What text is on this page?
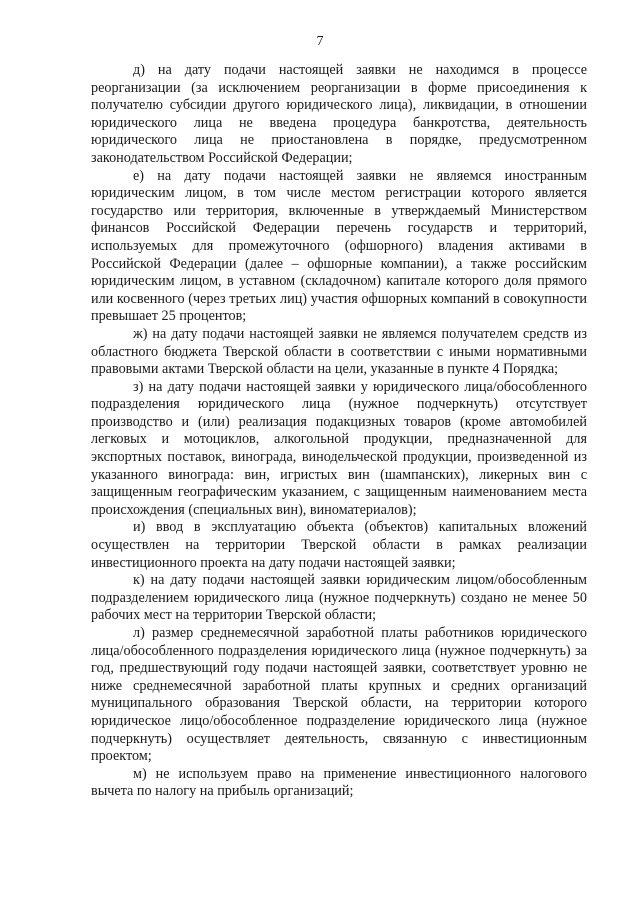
7

д) на дату подачи настоящей заявки не находимся в процессе реорганизации (за исключением реорганизации в форме присоединения к получателю субсидии другого юридического лица), ликвидации, в отношении юридического лица не введена процедура банкротства, деятельность юридического лица не приостановлена в порядке, предусмотренном законодательством Российской Федерации;

е) на дату подачи настоящей заявки не являемся иностранным юридическим лицом, в том числе местом регистрации которого является государство или территория, включенные в утверждаемый Министерством финансов Российской Федерации перечень государств и территорий, используемых для промежуточного (офшорного) владения активами в Российской Федерации (далее – офшорные компании), а также российским юридическим лицом, в уставном (складочном) капитале которого доля прямого или косвенного (через третьих лиц) участия офшорных компаний в совокупности превышает 25 процентов;

ж) на дату подачи настоящей заявки не являемся получателем средств из областного бюджета Тверской области в соответствии с иными нормативными правовыми актами Тверской области на цели, указанные в пункте 4 Порядка;

з) на дату подачи настоящей заявки у юридического лица/обособленного подразделения юридического лица (нужное подчеркнуть) отсутствует производство и (или) реализация подакцизных товаров (кроме автомобилей легковых и мотоциклов, алкогольной продукции, предназначенной для экспортных поставок, винограда, винодельческой продукции, произведенной из указанного винограда: вин, игристых вин (шампанских), ликерных вин с защищенным географическим указанием, с защищенным наименованием места происхождения (специальных вин), виноматериалов);

и) ввод в эксплуатацию объекта (объектов) капитальных вложений осуществлен на территории Тверской области в рамках реализации инвестиционного проекта на дату подачи настоящей заявки;

к) на дату подачи настоящей заявки юридическим лицом/обособленным подразделением юридического лица (нужное подчеркнуть) создано не менее 50 рабочих мест на территории Тверской области;

л) размер среднемесячной заработной платы работников юридического лица/обособленного подразделения юридического лица (нужное подчеркнуть) за год, предшествующий году подачи настоящей заявки, соответствует уровню не ниже среднемесячной заработной платы крупных и средних организаций муниципального образования Тверской области, на территории которого юридическое лицо/обособленное подразделение юридического лица (нужное подчеркнуть) осуществляет деятельность, связанную с инвестиционным проектом;

м) не используем право на применение инвестиционного налогового вычета по налогу на прибыль организаций;
